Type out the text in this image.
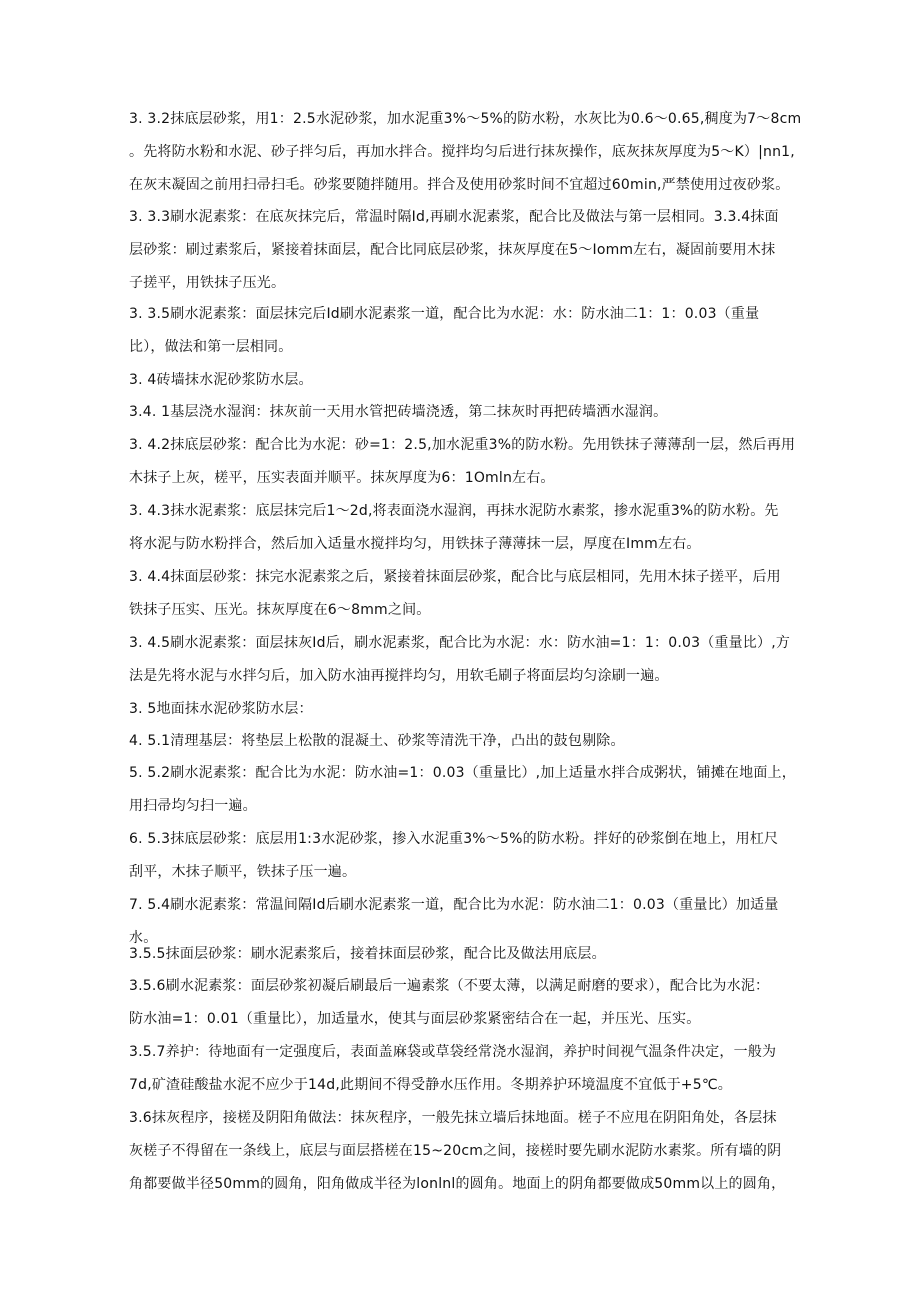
3. 3.2抹底层砂浆，用1：2.5水泥砂浆，加水泥重3%～5%的防水粉，水灰比为0.6～0.65,稠度为7～8cm
。先将防水粉和水泥、砂子拌匀后，再加水拌合。搅拌均匀后进行抹灰操作，底灰抹灰厚度为5～K）|nn1,
在灰末凝固之前用扫帚扫毛。砂浆要随拌随用。拌合及使用砂浆时间不宜超过60min,严禁使用过夜砂浆。
3. 3.3刷水泥素浆：在底灰抹完后，常温时隔Id,再刷水泥素浆，配合比及做法与第一层相同。3.3.4抹面
层砂浆：刷过素浆后，紧接着抹面层，配合比同底层砂浆，抹灰厚度在5～Iomm左右，凝固前要用木抹
子搓平，用铁抹子压光。
3. 3.5刷水泥素浆：面层抹完后Id刷水泥素浆一道，配合比为水泥：水：防水油二1：1：0.03（重量
比），做法和第一层相同。
3. 4砖墙抹水泥砂浆防水层。
3.4. 1基层浇水湿润：抹灰前一天用水管把砖墙浇透，第二抹灰时再把砖墙洒水湿润。
3. 4.2抹底层砂浆：配合比为水泥：砂=1：2.5,加水泥重3%的防水粉。先用铁抹子薄薄刮一层，然后再用
木抹子上灰，槎平，压实表面并顺平。抹灰厚度为6：1Omln左右。
3. 4.3抹水泥素浆：底层抹完后1～2d,将表面浇水湿润，再抹水泥防水素浆，掺水泥重3%的防水粉。先
将水泥与防水粉拌合，然后加入适量水搅拌均匀，用铁抹子薄薄抹一层，厚度在Imm左右。
3. 4.4抹面层砂浆：抹完水泥素浆之后，紧接着抹面层砂浆，配合比与底层相同，先用木抹子搓平，后用
铁抹子压实、压光。抹灰厚度在6～8mm之间。
3. 4.5刷水泥素浆：面层抹灰Id后，刷水泥素浆，配合比为水泥：水：防水油=1：1：0.03（重量比）,方
法是先将水泥与水拌匀后，加入防水油再搅拌均匀，用软毛刷子将面层均匀涂刷一遍。
3. 5地面抹水泥砂浆防水层：
4. 5.1清理基层：将垫层上松散的混凝土、砂浆等清洗干净，凸出的鼓包剔除。
5. 5.2刷水泥素浆：配合比为水泥：防水油=1：0.03（重量比）,加上适量水拌合成粥状，铺摊在地面上，
用扫帚均匀扫一遍。
6. 5.3抹底层砂浆：底层用1:3水泥砂浆，掺入水泥重3%～5%的防水粉。拌好的砂浆倒在地上，用杠尺
刮平，木抹子顺平，铁抹子压一遍。
7. 5.4刷水泥素浆：常温间隔Id后刷水泥素浆一道，配合比为水泥：防水油二1：0.03（重量比）加适量
水。
3.5.5抹面层砂浆：刷水泥素浆后，接着抹面层砂浆，配合比及做法用底层。
3.5.6刷水泥素浆：面层砂浆初凝后刷最后一遍素浆（不要太薄，以满足耐磨的要求），配合比为水泥：
防水油=1：0.01（重量比），加适量水，使其与面层砂浆紧密结合在一起，并压光、压实。
3.5.7养护：待地面有一定强度后，表面盖麻袋或草袋经常浇水湿润，养护时间视气温条件决定，一般为
7d,矿渣硅酸盐水泥不应少于14d,此期间不得受静水压作用。冬期养护环境温度不宜低于+5℃。
3.6抹灰程序，接槎及阴阳角做法：抹灰程序，一般先抹立墙后抹地面。槎子不应甩在阴阳角处，各层抹
灰槎子不得留在一条线上，底层与面层搭槎在15~20cm之间，接槎时要先刷水泥防水素浆。所有墙的阴
角都要做半径50mm的圆角，阳角做成半径为lonlnl的圆角。地面上的阴角都要做成50mm以上的圆角，
